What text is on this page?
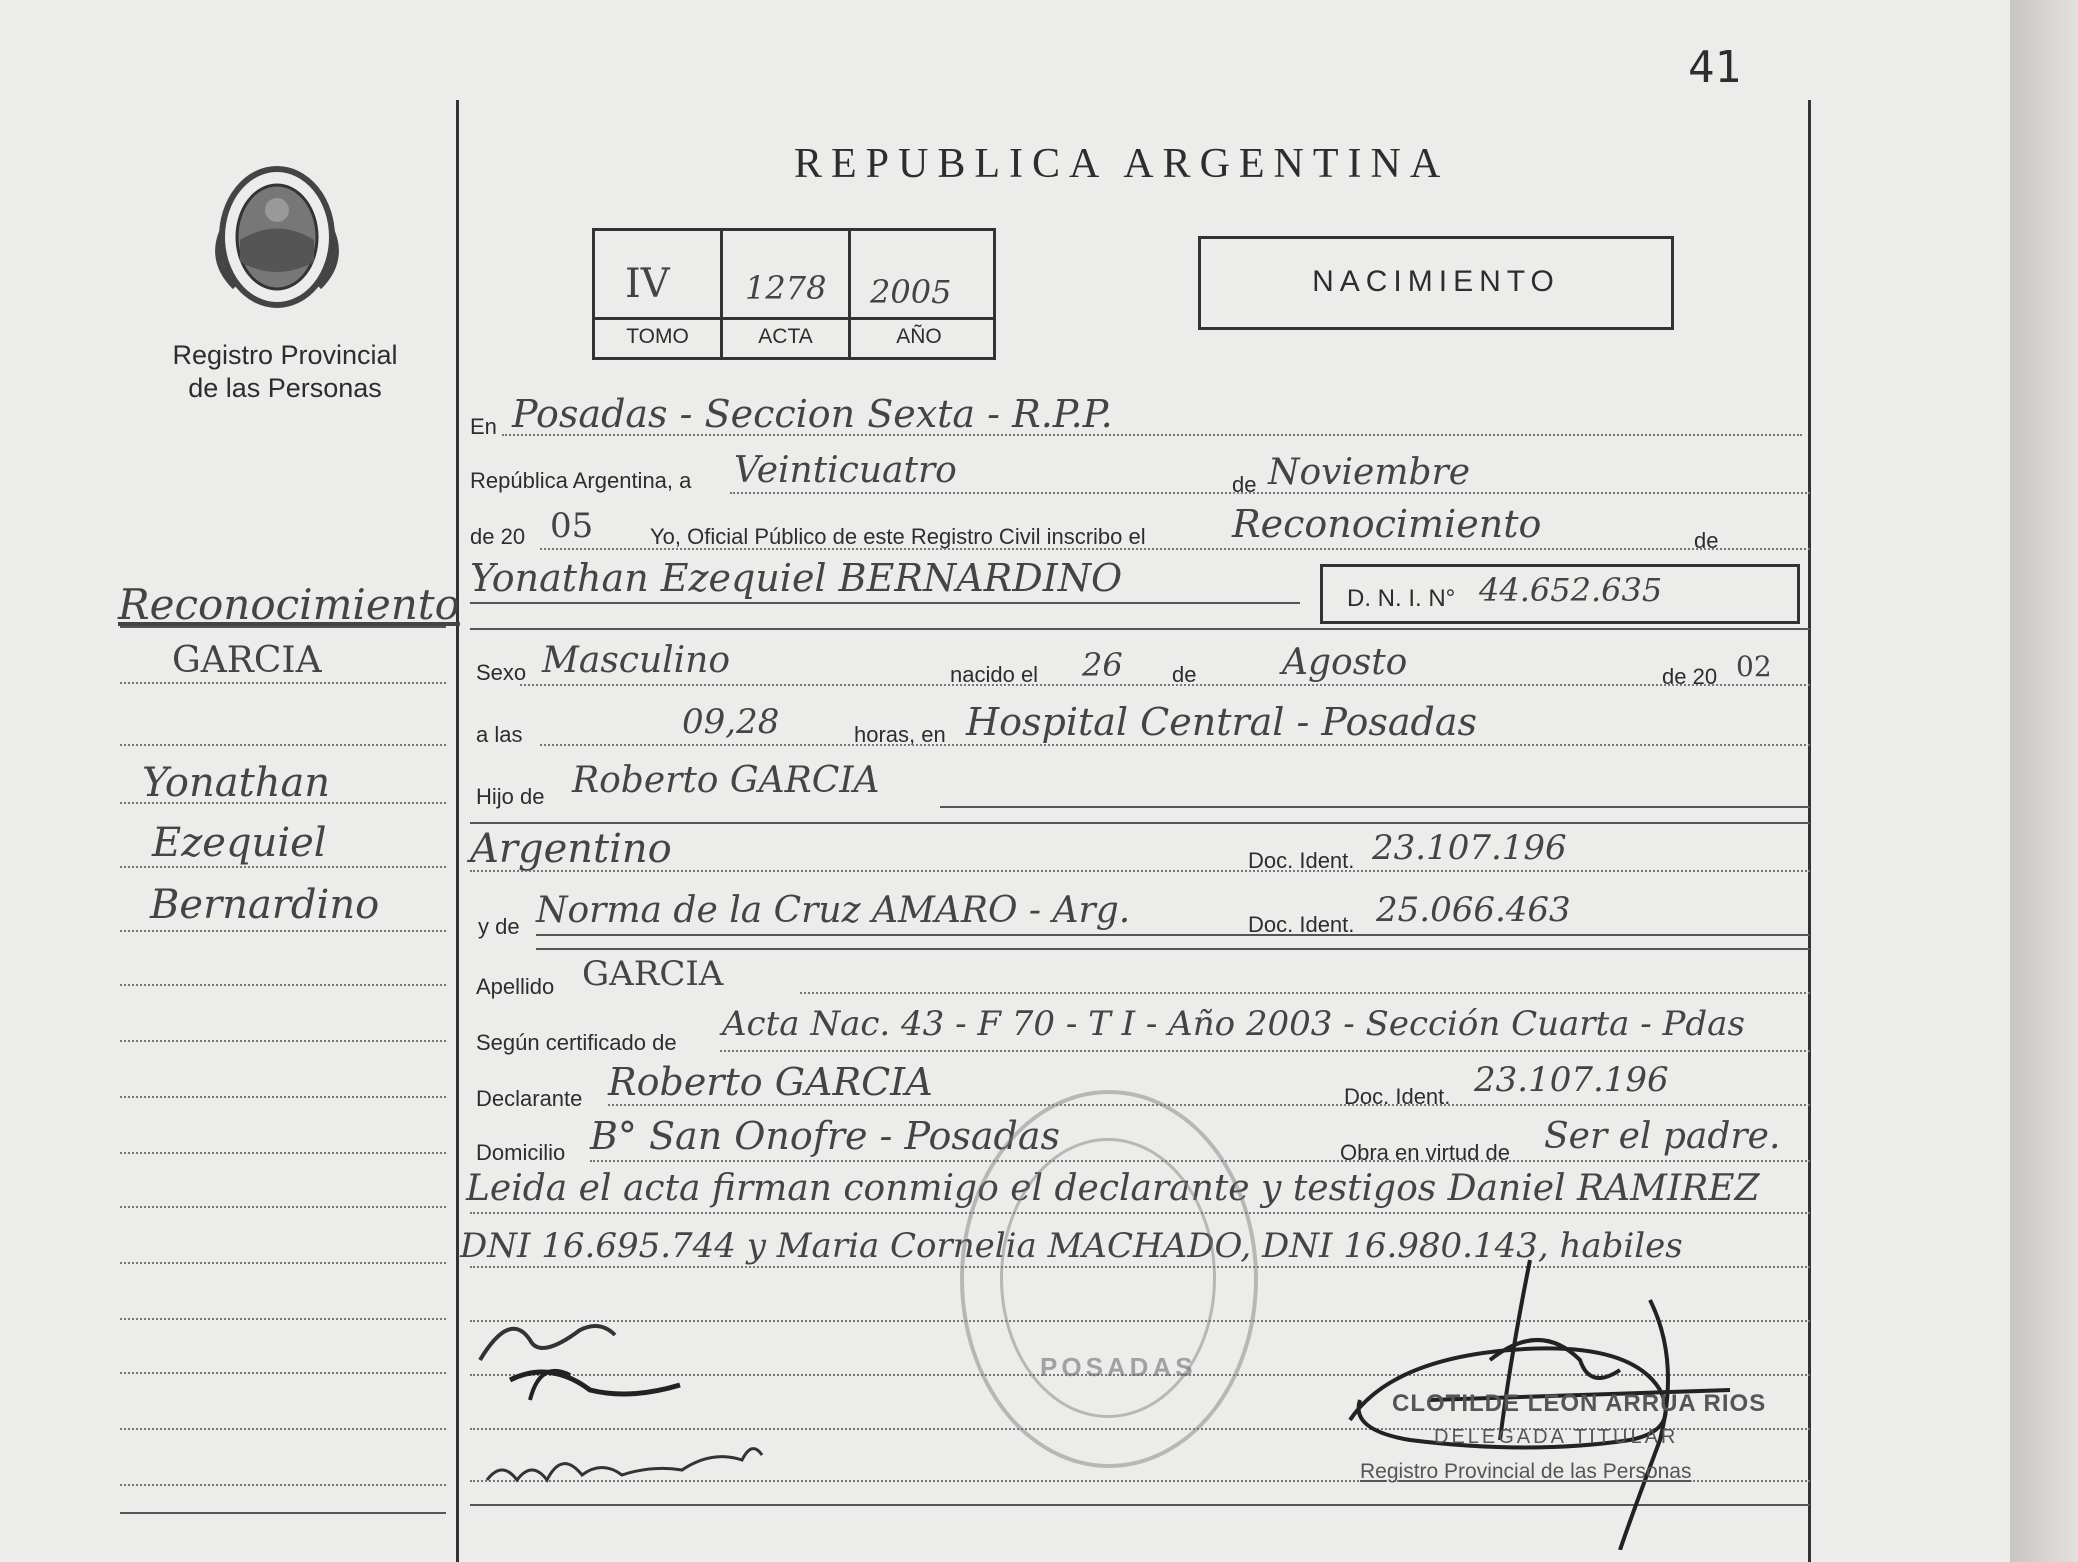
41
Registro Provincial
de las Personas
REPUBLICA ARGENTINA
IV 1278 2005
TOMO	ACTA	AÑO
NACIMIENTO
Reconocimiento
GARCIA
Yonathan
Ezequiel
Bernardino
En Posadas - Seccion Sexta - R.P.P.
República Argentina, a Veinticuatro	de Noviembre
de 20 05	Yo, Oficial Público de este Registro Civil inscribo el Reconocimiento	de
Yonathan Ezequiel BERNARDINO	D. N. I. N° 44.652.635
Sexo Masculino	nacido el 26 de Agosto	de 20 02
a las	09,28	horas, en Hospital Central - Posadas
Hijo de Roberto GARCIA
Argentino	Doc. Ident. 23.107.196
y de Norma de la Cruz AMARO - Arg.	Doc. Ident. 25.066.463
Apellido GARCIA
Según certificado de Acta Nac. 43 - F 70 - T I - Año 2003 - Sección Cuarta - Pdas
Declarante Roberto GARCIA	Doc. Ident. 23.107.196
Domicilio B° San Onofre - Posadas	Obra en virtud de Ser el padre.
Leida el acta firman conmigo el declarante y testigos Daniel RAMIREZ
DNI 16.695.744 y Maria Cornelia MACHADO, DNI 16.980.143, habiles
POSADAS
CLOTILDE LEON ARRUA RIOS
DELEGADA TITULAR
Registro Provincial de las Personas
